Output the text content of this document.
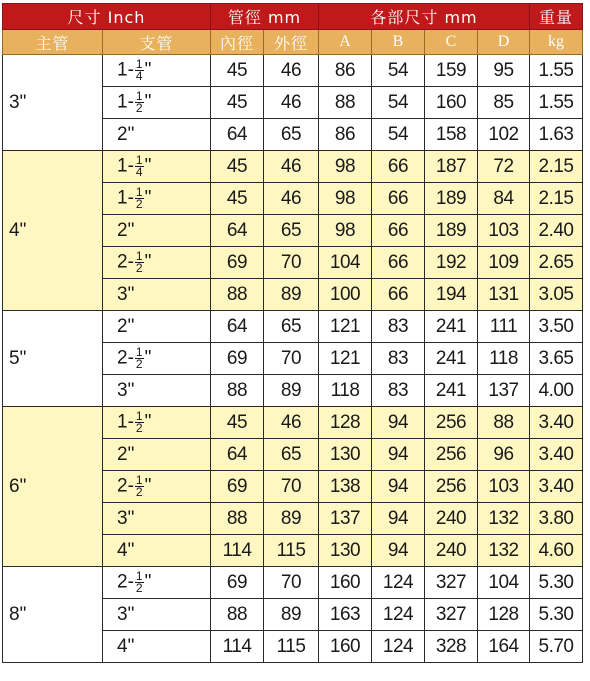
尺寸 Inch		管徑 mm		各部尺寸 mm				重量
主管	支管	內徑	外徑	A	B	C	D	kg
3"	$1- \frac{1}{4}$ "	45	46	86	54	159	95	1.55
	$1- \frac{1}{2}$ "	45	46	88	54	160	85	1.55
	2"	64	65	86	54	158	102	1.63
4"	$1- \frac{1}{4}$ "	45	46	98	66	187	72	2.15
	$1- \frac{1}{2}$ "	45	46	98	66	189	84	2.15
	2"	64	65	98	66	189	103	2.40
	$2- \frac{1}{2}$ "	69	70	104	66	192	109	2.65
	3"	88	89	100	66	194	131	3.05
5"	2"	64	65	121	83	241	111	3.50
	$2- \frac{1}{2}$ "	69	70	121	83	241	118	3.65
	3"	88	89	118	83	241	137	4.00
6"	$1- \frac{1}{2}$ "	45	46	128	94	256	88	3.40
	2"	64	65	130	94	256	96	3.40
	$2- \frac{1}{2}$ "	69	70	138	94	256	103	3.40
	3"	88	89	137	94	240	132	3.80
	4"	114	115	130	94	240	132	4.60
8"	$2- \frac{1}{2}$ "	69	70	160	124	327	104	5.30
	3"	88	89	163	124	327	128	5.30
	4"	114	115	160	124	328	164	5.70
